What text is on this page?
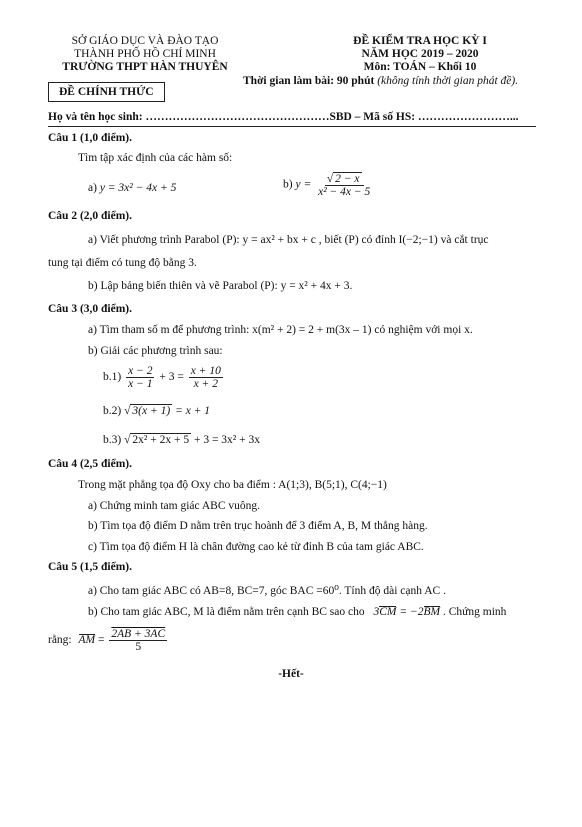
SỞ GIÁO DỤC VÀ ĐÀO TẠO
THÀNH PHỐ HỒ CHÍ MINH
TRƯỜNG THPT HÀN THUYÊN
ĐỀ CHÍNH THỨC
ĐỀ KIỂM TRA HỌC KỲ I
NĂM HỌC 2019 – 2020
Môn: TOÁN – Khối 10
Thời gian làm bài: 90 phút (không tính thời gian phát đề).
Họ và tên học sinh: …………………………………………SBD – Mã số HS: ……………………...
Câu 1 (1,0 điểm).
Tìm tập xác định của các hàm số:
a) y = 3x² − 4x + 5	b) $y = \frac{√ 2 - x}{\text{x² − 4x − 5}}$
Câu 2 (2,0 điểm).
a) Viết phương trình Parabol (P): y = ax² + bx + c , biết (P) có đỉnh I(−2;−1) và cắt trục
tung tại điểm có tung độ bằng 3.
b) Lập bảng biến thiên và vẽ Parabol (P): y = x² + 4x + 3.
Câu 3 (3,0 điểm).
a) Tìm tham số m để phương trình: x(m² + 2) = 2 + m(3x – 1) có nghiệm với mọi x.
b) Giải các phương trình sau:
$b.1) \frac{x - 2}{x - 1} + 3 = \frac{x + 10}{x + 2}$
b.2) √ 3(x + 1) = x + 1
b.3) √ 2x² + 2x + 5 + 3 = 3x² + 3x
Câu 4 (2,5 điểm).
Trong mặt phẳng tọa độ Oxy cho ba điểm : A(1;3), B(5;1), C(4;−1)
a) Chứng minh tam giác ABC vuông.
b) Tìm tọa độ điểm D nằm trên trục hoành để 3 điểm A, B, M thẳng hàng.
c) Tìm tọa độ điểm H là chân đường cao kẻ từ đỉnh B của tam giác ABC.
Câu 5 (1,5 điểm).
a) Cho tam giác ABC có AB=8, BC=7, góc BAC =60⁰. Tính độ dài cạnh AC .
b) Cho tam giác ABC, M là điểm nằm trên cạnh BC sao cho 3CM = −2BM . Chứng minh
rằng: AM = $\frac{2AB + 3AC}{5}$
-Hết-
